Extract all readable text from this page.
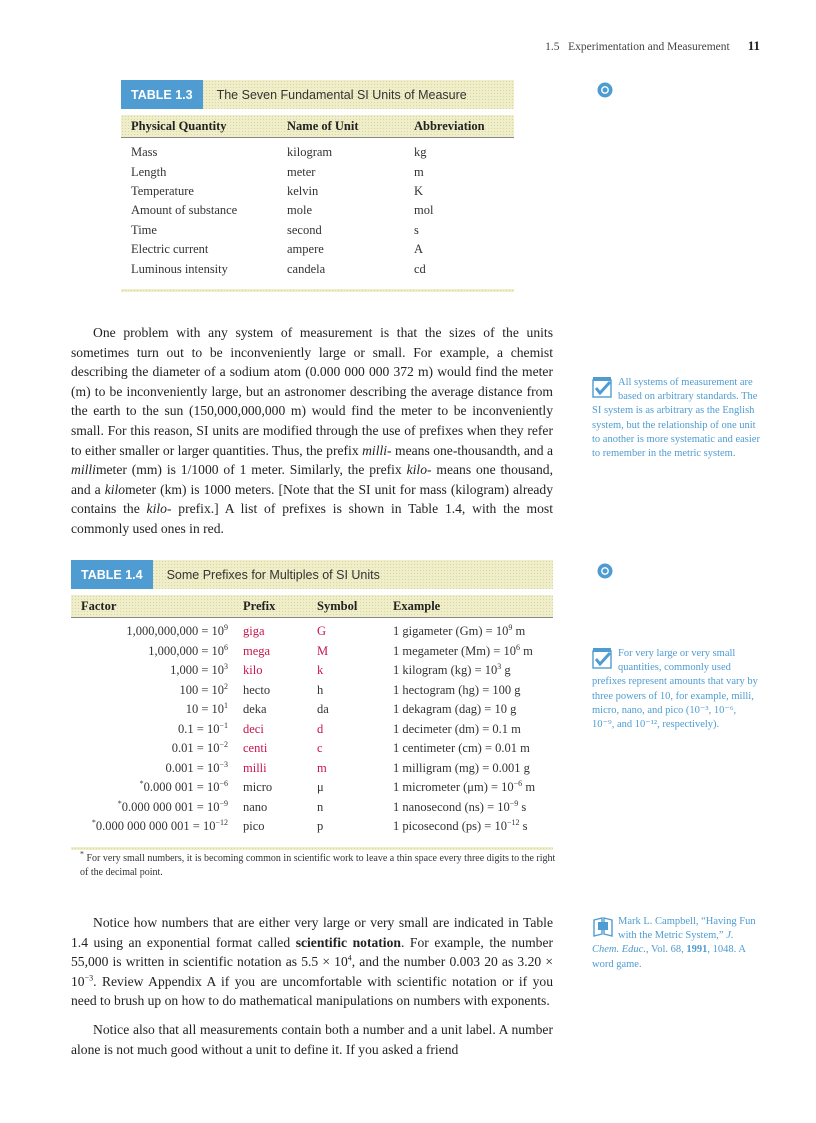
1.5 Experimentation and Measurement 11
TABLE 1.3	The Seven Fundamental SI Units of Measure
Physical Quantity	Name of Unit	Abbreviation
Mass	kilogram	kg
Length	meter	m
Temperature	kelvin	K
Amount of substance	mole	mol
Time	second	s
Electric current	ampere	A
Luminous intensity	candela	cd

One problem with any system of measurement is that the sizes of the units sometimes turn out to be inconveniently large or small. For example, a chemist describing the diameter of a sodium atom (0.000 000 000 372 m) would find the meter (m) to be inconveniently large, but an astronomer describing the average distance from the earth to the sun (150,000,000,000 m) would find the meter to be inconveniently small. For this reason, SI units are modified through the use of prefixes when they refer to either smaller or larger quantities. Thus, the prefix milli- means one-thousandth, and a millimeter (mm) is 1/1000 of 1 meter. Similarly, the prefix kilo- means one thousand, and a kilometer (km) is 1000 meters. [Note that the SI unit for mass (kilogram) already contains the kilo- prefix.] A list of prefixes is shown in Table 1.4, with the most commonly used ones in red.

All systems of measurement are based on arbitrary standards. The SI system is as arbitrary as the English system, but the relationship of one unit to another is more systematic and easier to remember in the metric system.
TABLE 1.4	Some Prefixes for Multiples of SI Units
Factor	Prefix	Symbol	Example
$1,000,000,000 = 10^9$	giga	G	1 gigameter $(Gm) = 10^9$ m
$1,000,000 = 10^6$	mega	M	1 megameter $(Mm) = 10^6$ m
$1,000 = 10^3$	kilo	k	1 kilogram $(kg) = 10^3$ g
$100 = 10^2$	hecto	h	1 hectogram (hg) = 100 g
$10 = 10^1$	deka	da	1 dekagram (dag) = 10 g
$0.1 = 10^{-1}$	deci	d	1 decimeter (dm) = 0.1 m
$0.01 = 10^{-2}$	centi	c	1 centimeter (cm) = 0.01 m
$0.001 = 10^{-3}$	milli	m	1 milligram (mg) = 0.001 g
*0.000 $001 = 10^{-6}$	micro	μ	1 micrometer $(\mu m) = 10^{-6}$ m
*0.000 000 $001 = 10^{-9}$	nano	n	1 nanosecond $(ns) = 10^{-9}$ s
*0.000 000 000 $001 = 10^{-12}$	pico	p	1 picosecond $(ps) = 10^{-12}$ s
* For very small numbers, it is becoming common in scientific work to leave a thin space every three digits to the right of the decimal point.
For very large or very small quantities, commonly used prefixes represent amounts that vary by three powers of 10, for example, milli, micro, nano, and pico (10⁻³, 10⁻⁶, 10⁻⁹, and 10⁻¹², respectively).

Notice how numbers that are either very large or very small are indicated in Table 1.4 using an exponential format called scientific notation. For example, the number 55,000 is written in scientific notation as $5.5 \times 10^4$, and the number 0.003 20 as $3.20 \times 10^{-3}$. Review Appendix A if you are uncomfortable with scientific notation or if you need to brush up on how to do mathematical manipulations on numbers with exponents.

Notice also that all measurements contain both a number and a unit label. A number alone is not much good without a unit to define it. If you asked a friend

Mark L. Campbell, “Having Fun with the Metric System,” J. Chem. Educ., Vol. 68, 1991, 1048. A word game.
